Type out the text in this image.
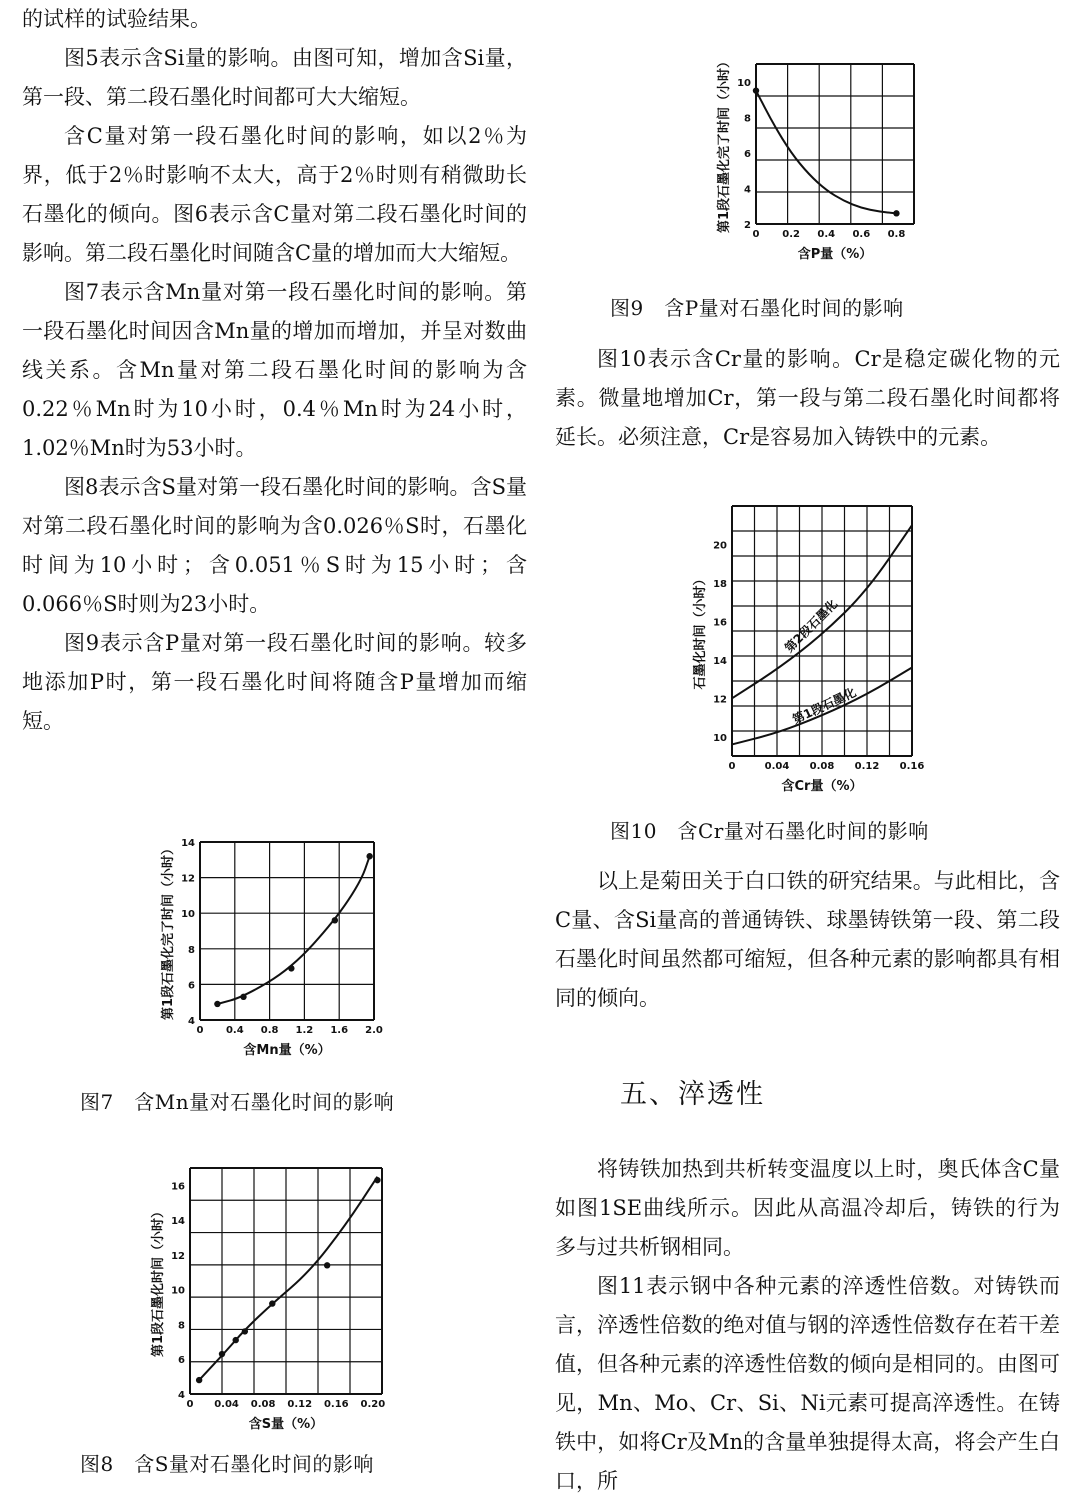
的试样的试验结果。

图5表示含Si量的影响。由图可知，增加含Si量，第一段、第二段石墨化时间都可大大缩短。

含C量对第一段石墨化时间的影响，如以2％为界，低于2％时影响不太大，高于2％时则有稍微助长石墨化的倾向。图6表示含C量对第二段石墨化时间的影响。第二段石墨化时间随含C量的增加而大大缩短。

图7表示含Mn量对第一段石墨化时间的影响。第一段石墨化时间因含Mn量的增加而增加，并呈对数曲线关系。含Mn量对第二段石墨化时间的影响为含0.22％Mn时为10小时，0.4％Mn时为24小时，1.02％Mn时为53小时。

图8表示含S量对第一段石墨化时间的影响。含S量对第二段石墨化时间的影响为含0.026％S时，石墨化时间为10小时；含0.051％S时为15小时；含0.066％S时则为23小时。

图9表示含P量对第一段石墨化时间的影响。较多地添加P时，第一段石墨化时间将随含P量增加而缩短。

0 0.4 0.8 1.2 1.6 2.0
4
6
8
10
12
14
含Mn量（%）
第1段石墨化完了时间（小时）
图7　含Mn量对石墨化时间的影响
0 0.04 0.08 0.12 0.16 0.20
4
6
8
10
12
14
16
含S量（%）
第1段石墨化时间（小时）
图8　含S量对石墨化时间的影响
0 0.2 0.4 0.6 0.8
2
4
6
8
10
含P量（%）
第1段石墨化完了时间（小时）
图9　含P量对石墨化时间的影响

图10表示含Cr量的影响。Cr是稳定碳化物的元素。微量地增加Cr，第一段与第二段石墨化时间都将延长。必须注意，Cr是容易加入铸铁中的元素。

0	0.04 0.08 0.12 0.16
10
12
14
16
18
20
含Cr量（%）
石墨化时间（小时）	第2段石墨化
第1段石墨化
图10　含Cr量对石墨化时间的影响

以上是菊田关于白口铁的研究结果。与此相比，含C量、含Si量高的普通铸铁、球墨铸铁第一段、第二段石墨化时间虽然都可缩短，但各种元素的影响都具有相同的倾向。

五、淬透性

将铸铁加热到共析转变温度以上时，奥氏体含C量如图1SE曲线所示。因此从高温冷却后，铸铁的行为多与过共析钢相同。

图11表示钢中各种元素的淬透性倍数。对铸铁而言，淬透性倍数的绝对值与钢的淬透性倍数存在若干差值，但各种元素的淬透性倍数的倾向是相同的。由图可见，Mn、Mo、Cr、Si、Ni元素可提高淬透性。在铸铁中，如将Cr及Mn的含量单独提得太高，将会产生白口，所
